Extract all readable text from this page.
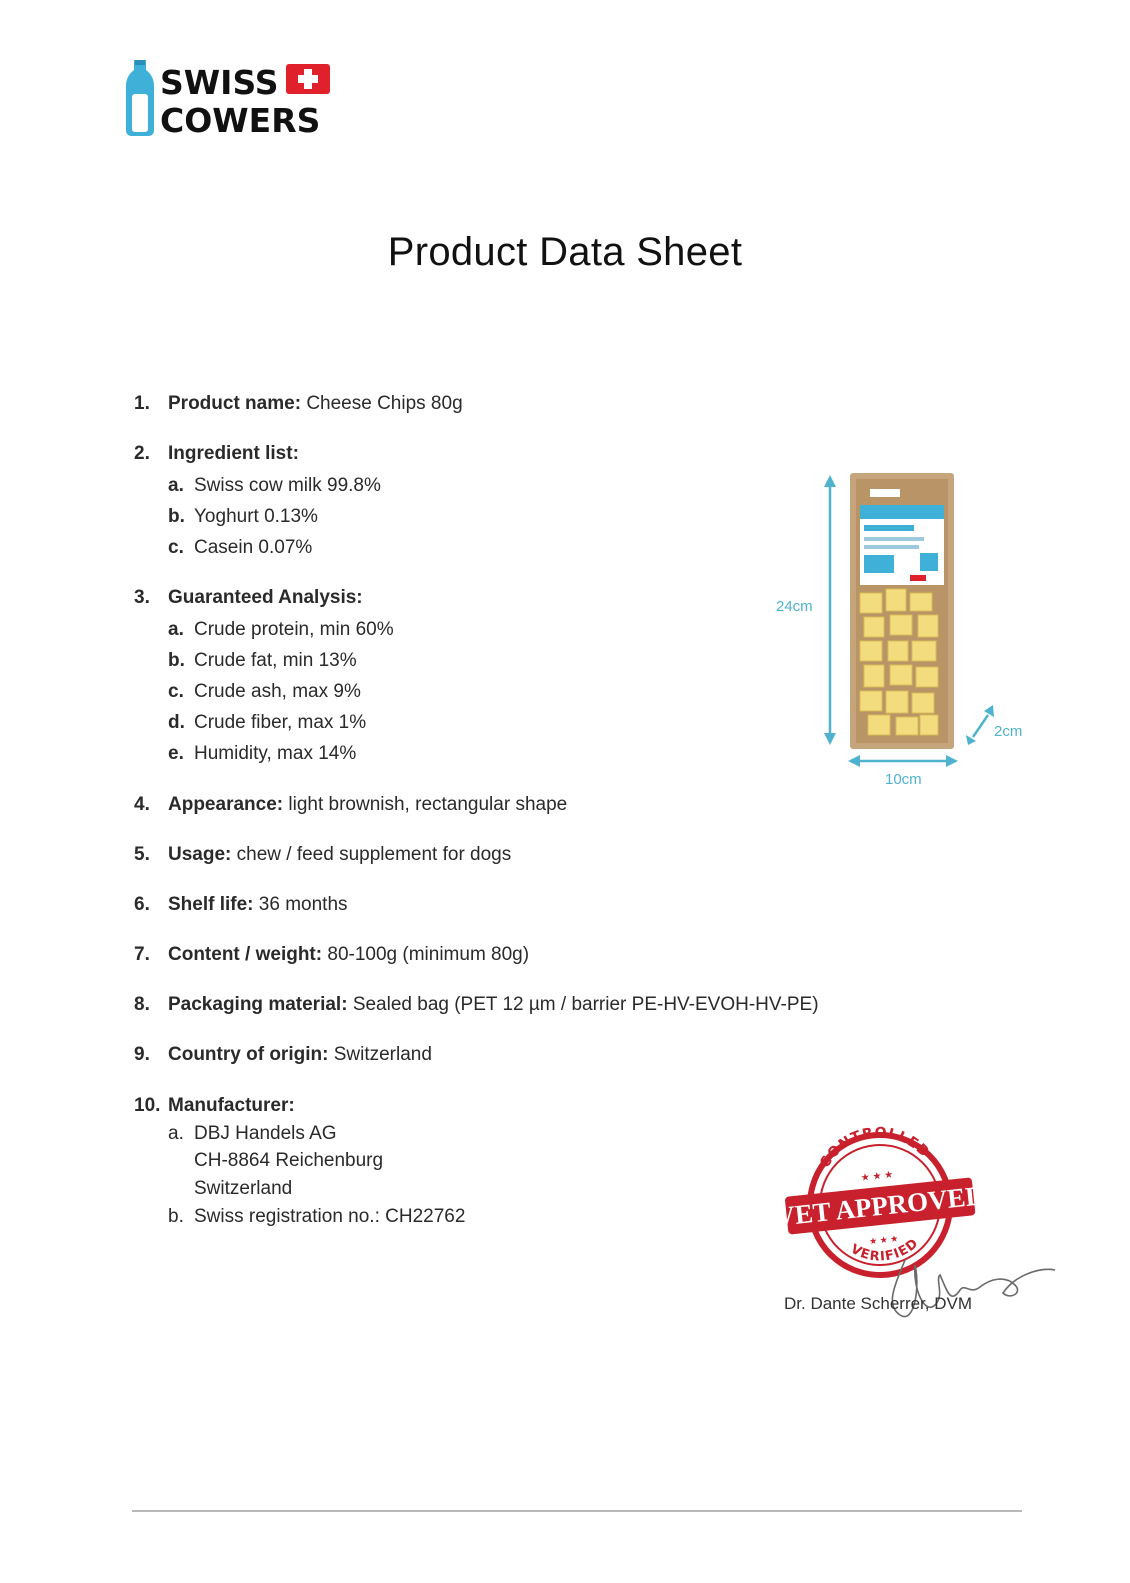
SWISS
COWERS
Product Data Sheet
1. Product name: Cheese Chips 80g
2. Ingredient list:
a. Swiss cow milk 99.8%
b. Yoghurt 0.13%
c. Casein 0.07%
3. Guaranteed Analysis:
a. Crude protein, min 60%
b. Crude fat, min 13%
c. Crude ash, max 9%
d. Crude fiber, max 1%
e. Humidity, max 14%
4. Appearance: light brownish, rectangular shape
5. Usage: chew / feed supplement for dogs
6. Shelf life: 36 months
7. Content / weight: 80-100g (minimum 80g)
8. Packaging material: Sealed bag (PET 12 µm / barrier PE-HV-EVOH-HV-PE)
9. Country of origin: Switzerland
10. Manufacturer:
a. DBJ Handels AG
CH-8864 Reichenburg
Switzerland
b. Swiss registration no.: CH22762
24cm
10cm
2cm
CONTROLLED
VERIFIED
★ ★ ★
VET APPROVED
★ ★ ★
Dr. Dante Scherrer, DVM
